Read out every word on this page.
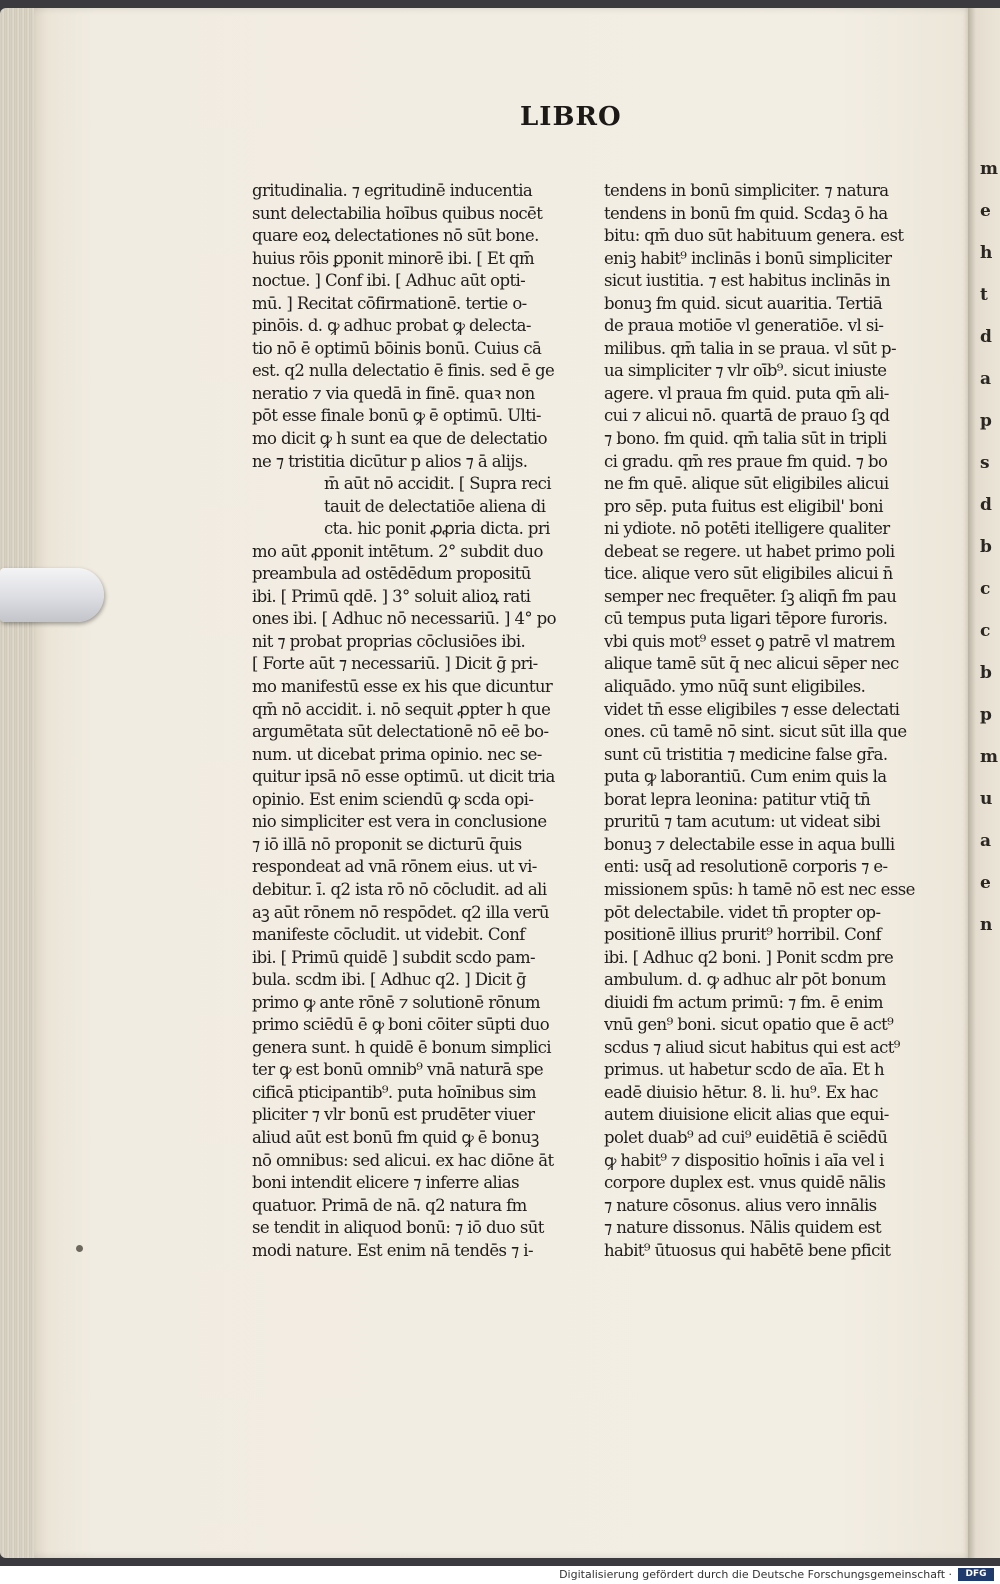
m
e
h
t
d
a
p
s
d
b
c
c
b
p
m
u
a
e
n
LIBRO
gritudinalia. ⁊ egritudinē inducentia
sunt delectabilia hoībus quibus nocēt
quare eoꝝ delectationes nō sūt bone.
huius rōis ꝑponit minorē ibi. [ Et qm̄
noctue. ] Conf ibi. [ Adhuc aūt opti-
mū. ] Recitat cōfirmationē. tertie o-
pinōis. d. ꝙ adhuc probat ꝙ delecta-
tio nō ē optimū bōinis bonū. Cuius cā
est. q2 nulla delectatio ē finis. sed ē ge
neratio ⁊ via quedā in finē. quaꝛ non
pōt esse finale bonū ꝙ ē optimū. Ulti-
mo dicit ꝙ h sunt ea que de delectatio
ne ⁊ tristitia dicūtur p alios ⁊ ā alijs.
m̄ aūt nō accidit. [ Supra reci
tauit de delectatiōe aliena di
cta. hic ponit ꝓꝓria dicta. pri
mo aūt ꝓponit intētum. 2° subdit duo
preambula ad ostēdēdum propositū
ibi. [ Primū qdē. ] 3° soluit alioꝝ rati
ones ibi. [ Adhuc nō necessariū. ] 4° po
nit ⁊ probat proprias cōclusiōes ibi.
[ Forte aūt ⁊ necessariū. ] Dicit ḡ pri-
mo manifestū esse ex his que dicuntur
qm̄ nō accidit. i. nō sequit ꝓpter h que
argumētata sūt delectationē nō eē bo-
num. ut dicebat prima opinio. nec se-
quitur ipsā nō esse optimū. ut dicit tria
opinio. Est enim sciendū ꝙ scda opi-
nio simpliciter est vera in conclusione
⁊ iō illā nō proponit se dicturū q̄uis
respondeat ad vnā rōnem eius. ut vi-
debitur. ī. q2 ista rō nō cōcludit. ad ali
aꝫ aūt rōnem nō respōdet. q2 illa verū
manifeste cōcludit. ut videbit. Conf
ibi. [ Primū quidē ] subdit scdo pam-
bula. scdm ibi. [ Adhuc q2. ] Dicit ḡ
primo ꝙ ante rōnē ⁊ solutionē rōnum
primo sciēdū ē ꝙ boni cōiter sūpti duo
genera sunt. h quidē ē bonum simplici
ter ꝙ est bonū omnib⁹ vnā naturā spe
cificā pticipantib⁹. puta hoīnibus sim
pliciter ⁊ vlr bonū est prudēter viuer
aliud aūt est bonū fm quid ꝙ ē bonuꝫ
nō omnibus: sed alicui. ex hac diōne āt
boni intendit elicere ⁊ inferre alias
quatuor. Primā de nā. q2 natura fm
se tendit in aliquod bonū: ⁊ iō duo sūt
modi nature. Est enim nā tendēs ⁊ i-
tendens in bonū simpliciter. ⁊ natura
tendens in bonū fm quid. Scdaꝫ ō ha
bitu: qm̄ duo sūt habituum genera. est
eniꝫ habit⁹ inclinās i bonū simpliciter
sicut iustitia. ⁊ est habitus inclinās in
bonuꝫ fm quid. sicut auaritia. Tertiā
de praua motiōe vl generatiōe. vl si-
milibus. qm̄ talia in se praua. vl sūt p-
ua simpliciter ⁊ vlr oīb⁹. sicut iniuste
agere. vl praua fm quid. puta qm̄ ali-
cui ⁊ alicui nō. quartā de prauo ſꝫ qd
⁊ bono. fm quid. qm̄ talia sūt in tripli
ci gradu. qm̄ res praue fm quid. ⁊ bo
ne fm quē. alique sūt eligibiles alicui
pro sēp. puta fuitus est eligibil' boni
ni ydiote. nō potēti itelligere qualiter
debeat se regere. ut habet primo poli
tice. alique vero sūt eligibiles alicui n̄
semper nec frequēter. ſꝫ aliqn̄ fm pau
cū tempus puta ligari tēpore furoris.
vbi quis mot⁹ esset ꝯ patrē vl matrem
alique tamē sūt q̄ nec alicui sēper nec
aliquādo. ymo nūq̄ sunt eligibiles.
videt tn̄ esse eligibiles ⁊ esse delectati
ones. cū tamē nō sint. sicut sūt illa que
sunt cū tristitia ⁊ medicine false gr̄a.
puta ꝙ laborantiū. Cum enim quis la
borat lepra leonina: patitur vtiq̄ tn̄
pruritū ⁊ tam acutum: ut videat sibi
bonuꝫ ⁊ delectabile esse in aqua bulli
enti: usq̄ ad resolutionē corporis ⁊ e-
missionem spūs: h tamē nō est nec esse
pōt delectabile. videt tn̄ propter op-
positionē illius prurit⁹ horribil. Conf
ibi. [ Adhuc q2 boni. ] Ponit scdm pre
ambulum. d. ꝙ adhuc alr pōt bonum
diuidi fm actum primū: ⁊ fm. ē enim
vnū gen⁹ boni. sicut opatio que ē act⁹
scdus ⁊ aliud sicut habitus qui est act⁹
primus. ut habetur scdo de aīa. Et h
eadē diuisio hētur. 8. li. hu⁹. Ex hac
autem diuisione elicit alias que equi-
polet duab⁹ ad cui⁹ euidētiā ē sciēdū
ꝙ habit⁹ ⁊ dispositio hoīnis i aīa vel i
corpore duplex est. vnus quidē nālis
⁊ nature cōsonus. alius vero innālis
⁊ nature dissonus. Nālis quidem est
habit⁹ ūtuosus qui habētē bene pficit
Digitalisierung gefördert durch die Deutsche Forschungsgemeinschaft ·	DFG
